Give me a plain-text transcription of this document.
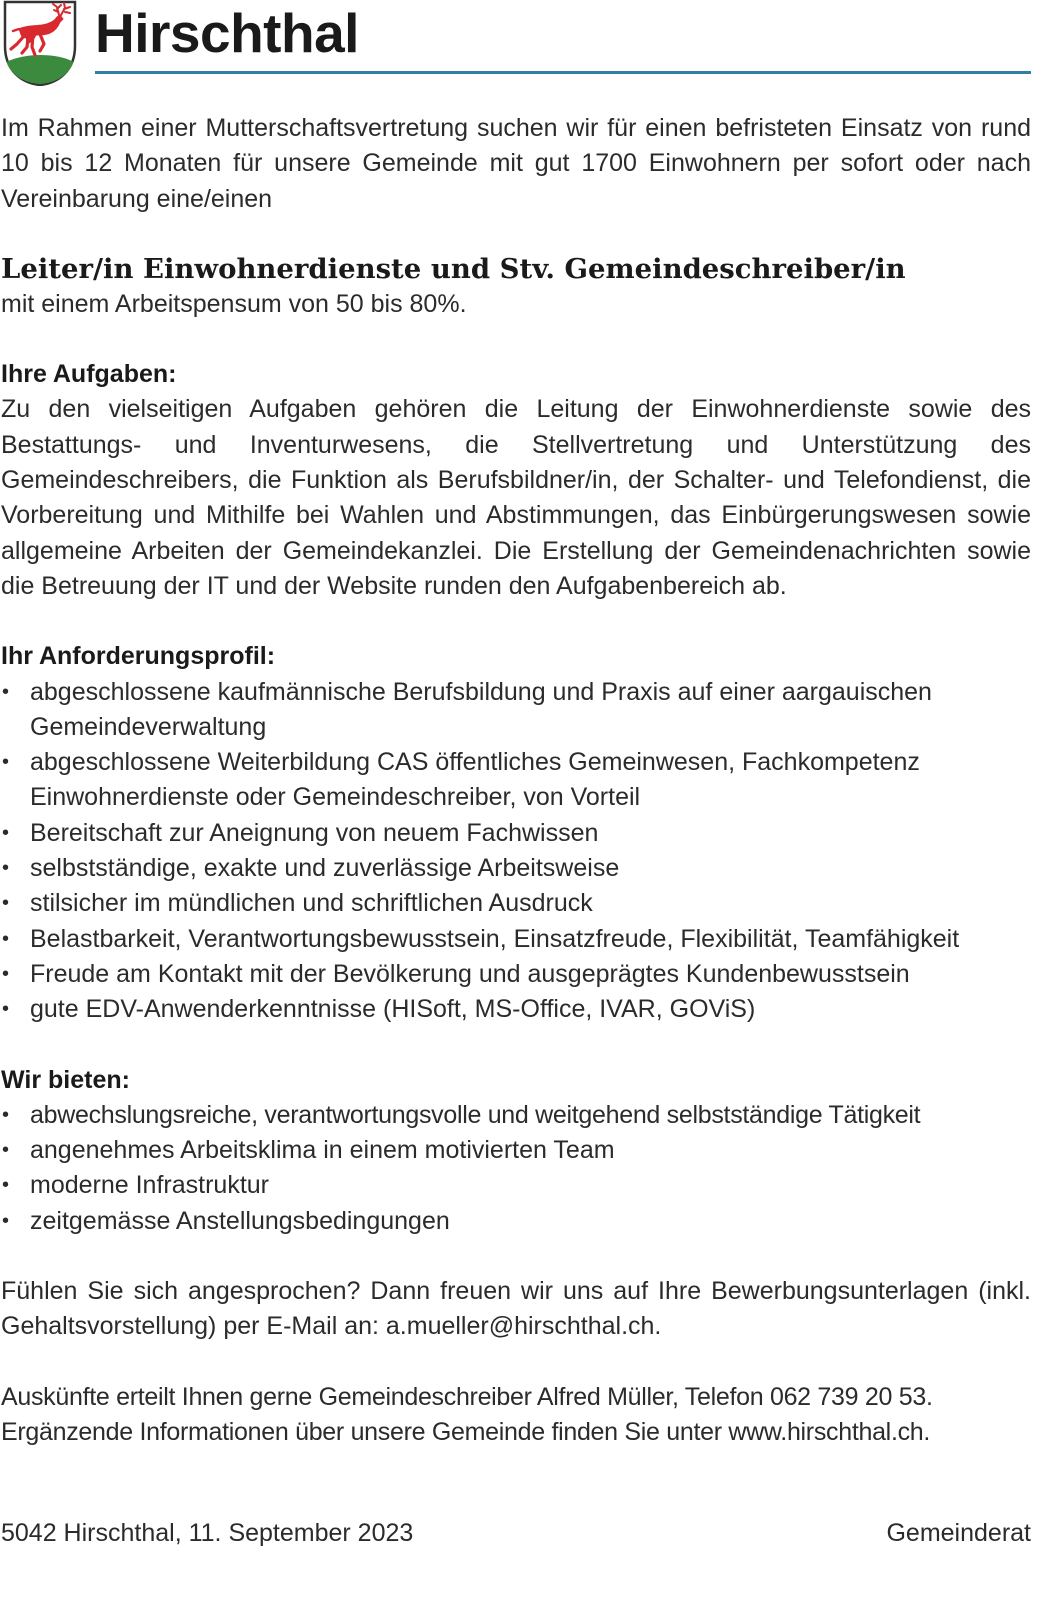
Hirschthal

Im Rahmen einer Mutterschaftsvertretung suchen wir für einen befristeten Einsatz von rund 10 bis 12 Monaten für unsere Gemeinde mit gut 1700 Einwohnern per sofort oder nach Vereinbarung eine/einen

Leiter/in Einwohnerdienste und Stv. Gemeindeschreiber/in

mit einem Arbeitspensum von 50 bis 80%.

Ihre Aufgaben:

Zu den vielseitigen Aufgaben gehören die Leitung der Einwohnerdienste sowie des Bestattungs- und Inventurwesens, die Stellvertretung und Unterstützung des Gemeindeschreibers, die Funktion als Berufsbildner/in, der Schalter- und Telefondienst, die Vorbereitung und Mithilfe bei Wahlen und Abstimmungen, das Einbürgerungswesen sowie allgemeine Arbeiten der Gemeindekanzlei. Die Erstellung der Gemeindenachrichten sowie die Betreuung der IT und der Website runden den Aufgabenbereich ab.

Ihr Anforderungsprofil:
• abgeschlossene kaufmännische Berufsbildung und Praxis auf einer aargauischen Gemeindeverwaltung
• abgeschlossene Weiterbildung CAS öffentliches Gemeinwesen, Fachkompetenz Einwohnerdienste oder Gemeindeschreiber, von Vorteil
• Bereitschaft zur Aneignung von neuem Fachwissen
• selbstständige, exakte und zuverlässige Arbeitsweise
• stilsicher im mündlichen und schriftlichen Ausdruck
• Belastbarkeit, Verantwortungsbewusstsein, Einsatzfreude, Flexibilität, Teamfähigkeit
• Freude am Kontakt mit der Bevölkerung und ausgeprägtes Kundenbewusstsein
• gute EDV-Anwenderkenntnisse (HISoft, MS-Office, IVAR, GOViS)
Wir bieten:
• abwechslungsreiche, verantwortungsvolle und weitgehend selbstständige Tätigkeit
• angenehmes Arbeitsklima in einem motivierten Team
• moderne Infrastruktur
• zeitgemässe Anstellungsbedingungen

Fühlen Sie sich angesprochen? Dann freuen wir uns auf Ihre Bewerbungsunterlagen (inkl. Gehaltsvorstellung) per E-Mail an: a.mueller@hirschthal.ch.

Auskünfte erteilt Ihnen gerne Gemeindeschreiber Alfred Müller, Telefon 062 739 20 53.

Ergänzende Informationen über unsere Gemeinde finden Sie unter www.hirschthal.ch.

5042 Hirschthal, 11. September 2023	Gemeinderat
